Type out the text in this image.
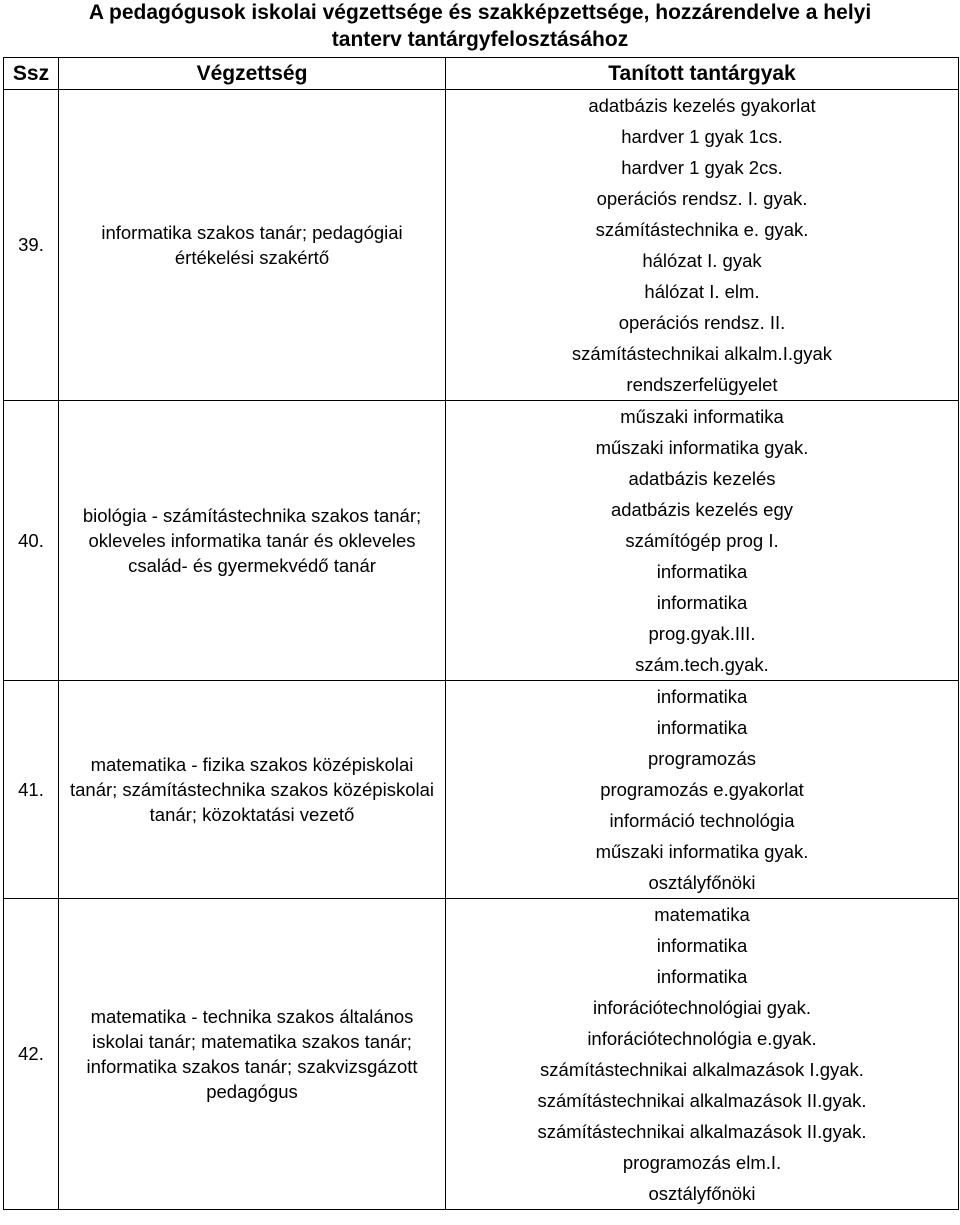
A pedagógusok iskolai végzettsége és szakképzettsége, hozzárendelve a helyi
tanterv tantárgyfelosztásához
Ssz	Végzettség	Tanított tantárgyak
39.	informatika szakos tanár; pedagógiai értékelési szakértő	adatbázis kezelés gyakorlat
		hardver 1 gyak 1cs.
		hardver 1 gyak 2cs.
		operációs rendsz. I. gyak.
		számítástechnika e. gyak.
		hálózat I. gyak
		hálózat I. elm.
		operációs rendsz. II.
		számítástechnikai alkalm.I.gyak
		rendszerfelügyelet
40.	biológia - számítástechnika szakos tanár; okleveles informatika tanár és okleveles család- és gyermekvédő tanár	műszaki informatika
		műszaki informatika gyak.
		adatbázis kezelés
		adatbázis kezelés egy
		számítógép prog I.
		informatika
		informatika
		prog.gyak.III.
		szám.tech.gyak.
41.	matematika - fizika szakos középiskolai tanár; számítástechnika szakos középiskolai tanár; közoktatási vezető	informatika
		informatika
		programozás
		programozás e.gyakorlat
		információ technológia
		műszaki informatika gyak.
		osztályfőnöki
42.	matematika - technika szakos általános iskolai tanár; matematika szakos tanár; informatika szakos tanár; szakvizsgázott pedagógus	matematika
		informatika
		informatika
		inforációtechnológiai gyak.
		inforációtechnológia e.gyak.
		számítástechnikai alkalmazások I.gyak.
		számítástechnikai alkalmazások II.gyak.
		számítástechnikai alkalmazások II.gyak.
		programozás elm.I.
		osztályfőnöki
